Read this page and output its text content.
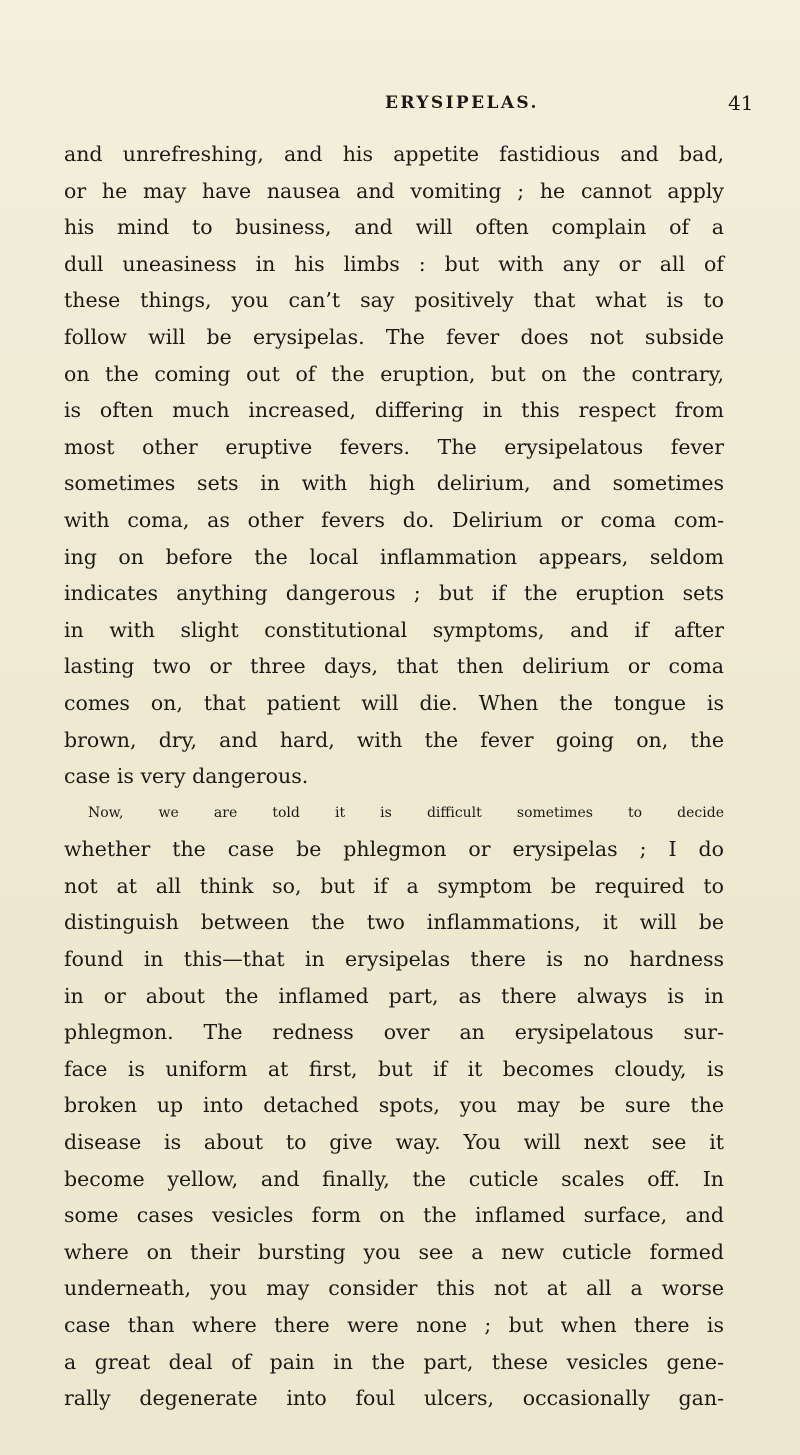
ERYSIPELAS.	41
and unrefreshing, and his appetite fastidious and bad,
or he may have nausea and vomiting ; he cannot apply
his mind to business, and will often complain of a
dull uneasiness in his limbs : but with any or all of
these things, you can’t say positively that what is to
follow will be erysipelas. The fever does not subside
on the coming out of the eruption, but on the contrary,
is often much increased, differing in this respect from
most other eruptive fevers. The erysipelatous fever
sometimes sets in with high delirium, and sometimes
with coma, as other fevers do. Delirium or coma com-
ing on before the local inflammation appears, seldom
indicates anything dangerous ; but if the eruption sets
in with slight constitutional symptoms, and if after
lasting two or three days, that then delirium or coma
comes on, that patient will die. When the tongue is
brown, dry, and hard, with the fever going on, the
case is very dangerous.
Now, we are told it is difficult sometimes to decide
whether the case be phlegmon or erysipelas ; I do
not at all think so, but if a symptom be required to
distinguish between the two inflammations, it will be
found in this—that in erysipelas there is no hardness
in or about the inflamed part, as there always is in
phlegmon. The redness over an erysipelatous sur-
face is uniform at first, but if it becomes cloudy, is
broken up into detached spots, you may be sure the
disease is about to give way. You will next see it
become yellow, and finally, the cuticle scales off. In
some cases vesicles form on the inflamed surface, and
where on their bursting you see a new cuticle formed
underneath, you may consider this not at all a worse
case than where there were none ; but when there is
a great deal of pain in the part, these vesicles gene-
rally degenerate into foul ulcers, occasionally gan-
